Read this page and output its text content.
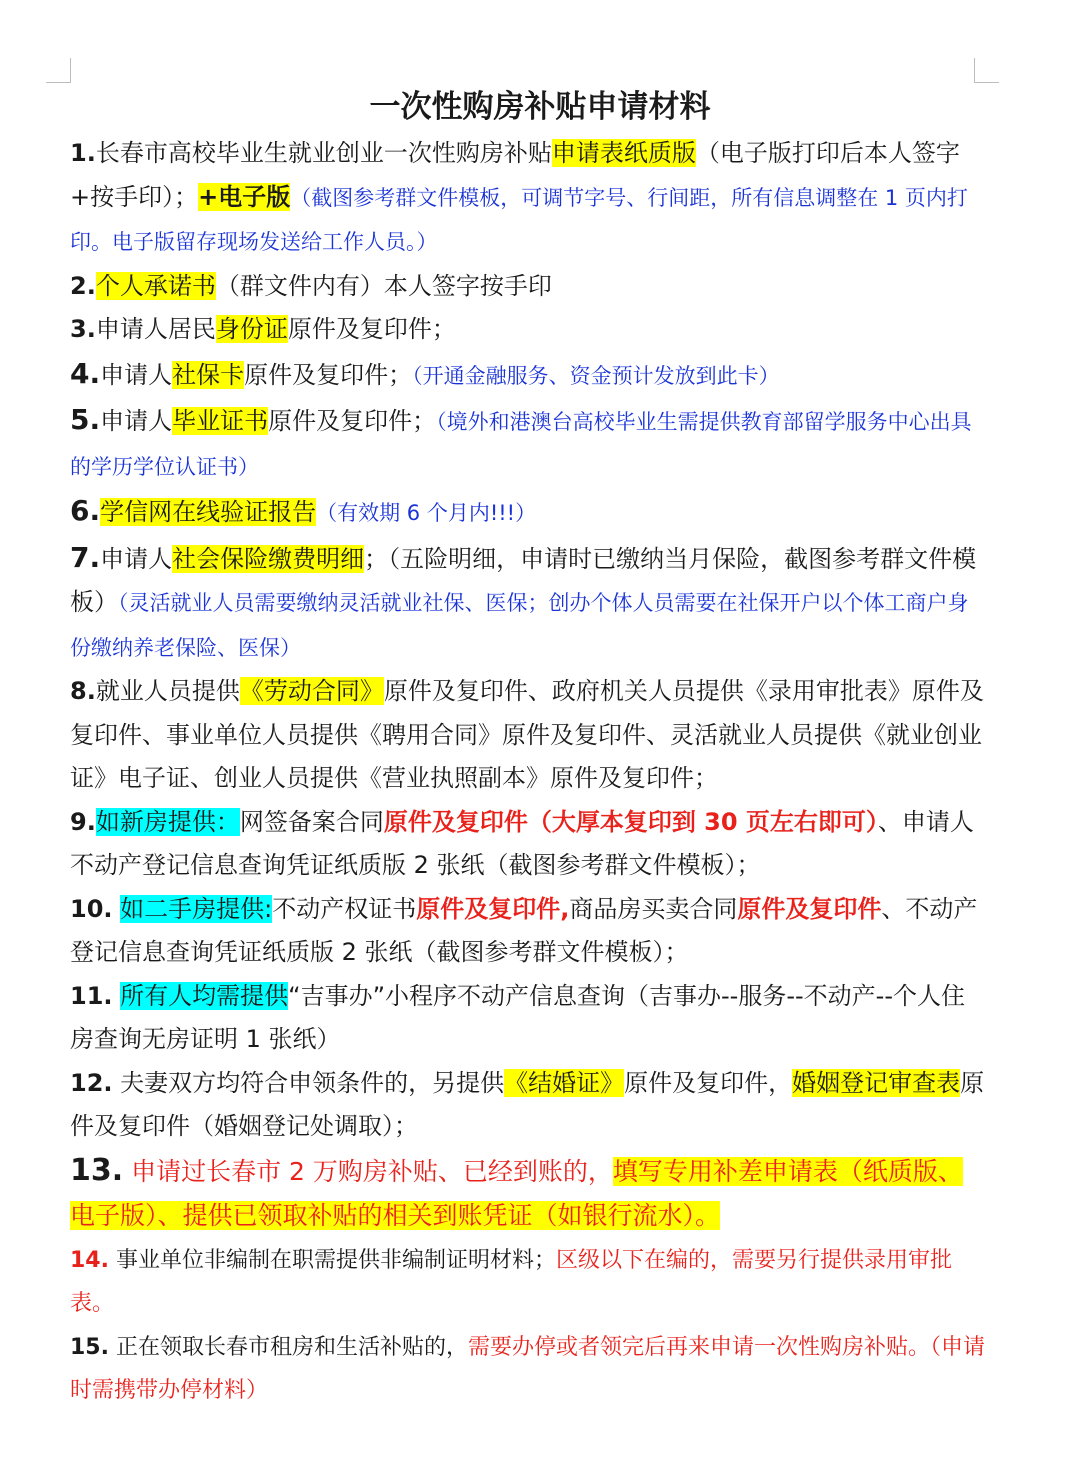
一次性购房补贴申请材料

1.长春市高校毕业生就业创业一次性购房补贴申请表纸质版（电子版打印后本人签字+按手印）；+电子版（截图参考群文件模板，可调节字号、行间距，所有信息调整在 1 页内打印。电子版留存现场发送给工作人员。）

2.个人承诺书（群文件内有）本人签字按手印

3.申请人居民身份证原件及复印件；

4.申请人社保卡原件及复印件；（开通金融服务、资金预计发放到此卡）

5.申请人毕业证书原件及复印件；（境外和港澳台高校毕业生需提供教育部留学服务中心出具的学历学位认证书）

6.学信网在线验证报告（有效期 6 个月内!!!）

7.申请人社会保险缴费明细；（五险明细，申请时已缴纳当月保险，截图参考群文件模板）（灵活就业人员需要缴纳灵活就业社保、医保；创办个体人员需要在社保开户以个体工商户身份缴纳养老保险、医保）

8.就业人员提供《劳动合同》原件及复印件、政府机关人员提供《录用审批表》原件及复印件、事业单位人员提供《聘用合同》原件及复印件、灵活就业人员提供《就业创业证》电子证、创业人员提供《营业执照副本》原件及复印件；

9.如新房提供：网签备案合同原件及复印件（大厚本复印到 30 页左右即可）、申请人不动产登记信息查询凭证纸质版 2 张纸（截图参考群文件模板）；

10. 如二手房提供:不动产权证书原件及复印件,商品房买卖合同原件及复印件、不动产登记信息查询凭证纸质版 2 张纸（截图参考群文件模板）；

11. 所有人均需提供“吉事办”小程序不动产信息查询（吉事办--服务--不动产--个人住房查询无房证明 1 张纸）

12. 夫妻双方均符合申领条件的，另提供《结婚证》原件及复印件，婚姻登记审查表原件及复印件（婚姻登记处调取）；

13. 申请过长春市 2 万购房补贴、已经到账的，填写专用补差申请表（纸质版、电子版）、提供已领取补贴的相关到账凭证（如银行流水）。

14. 事业单位非编制在职需提供非编制证明材料；区级以下在编的，需要另行提供录用审批表。

15. 正在领取长春市租房和生活补贴的，需要办停或者领完后再来申请一次性购房补贴。（申请时需携带办停材料）
